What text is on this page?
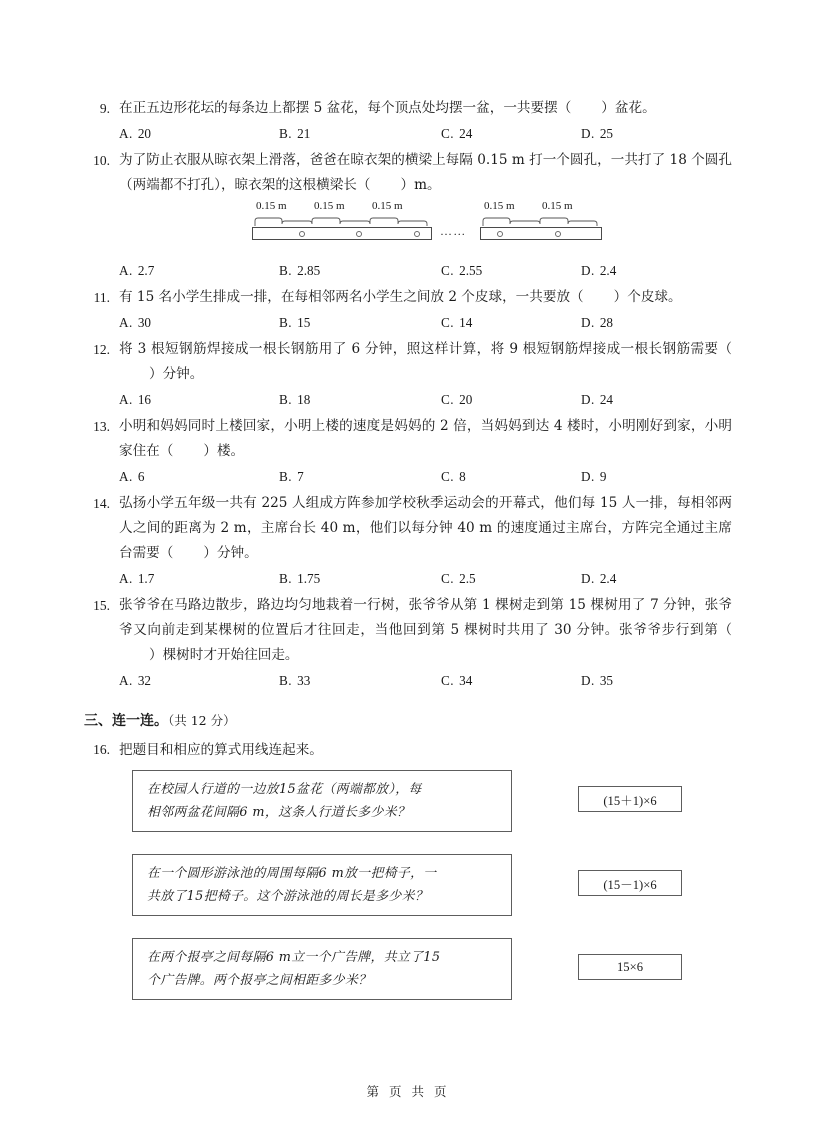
9. 在正五边形花坛的每条边上都摆 5 盆花，每个顶点处均摆一盆，一共要摆（ ）盆花。
A. 20	B. 21	C. 24	D. 25
10. 为了防止衣服从晾衣架上滑落，爸爸在晾衣架的横梁上每隔 0.15 m 打一个圆孔，一共打了 18 个圆孔（两端都不打孔），晾衣架的这根横梁长（ ）m。
0.15 m 0.15 m 0.15 m	0.15 m 0.15 m
……
A. 2.7	B. 2.85	C. 2.55	D. 2.4
11. 有 15 名小学生排成一排，在每相邻两名小学生之间放 2 个皮球，一共要放（ ）个皮球。
A. 30	B. 15	C. 14	D. 28
12. 将 3 根短钢筋焊接成一根长钢筋用了 6 分钟，照这样计算，将 9 根短钢筋焊接成一根长钢筋需要（）分钟。
A. 16	B. 18	C. 20	D. 24
13. 小明和妈妈同时上楼回家，小明上楼的速度是妈妈的 2 倍，当妈妈到达 4 楼时，小明刚好到家，小明家住在（ ）楼。
A. 6	B. 7	C. 8	D. 9
14. 弘扬小学五年级一共有 225 人组成方阵参加学校秋季运动会的开幕式，他们每 15 人一排，每相邻两人之间的距离为 2 m，主席台长 40 m，他们以每分钟 40 m 的速度通过主席台，方阵完全通过主席台需要（ ）分钟。
A. 1.7	B. 1.75	C. 2.5	D. 2.4
15. 张爷爷在马路边散步，路边均匀地栽着一行树，张爷爷从第 1 棵树走到第 15 棵树用了 7 分钟，张爷爷又向前走到某棵树的位置后才往回走，当他回到第 5 棵树时共用了 30 分钟。张爷爷步行到第（）棵树时才开始往回走。
A. 32	B. 33	C. 34	D. 35
三、连一连。（共 12 分）
16. 把题目和相应的算式用线连起来。
在校园人行道的一边放15盆花（两端都放），每
相邻两盆花间隔6 m，这条人行道长多少米？
(15＋1)×6
在一个圆形游泳池的周围每隔6 m放一把椅子，一
共放了15把椅子。这个游泳池的周长是多少米？
(15－1)×6
在两个报亭之间每隔6 m立一个广告牌，共立了15
个广告牌。两个报亭之间相距多少米？
15×6
第 页 共 页
